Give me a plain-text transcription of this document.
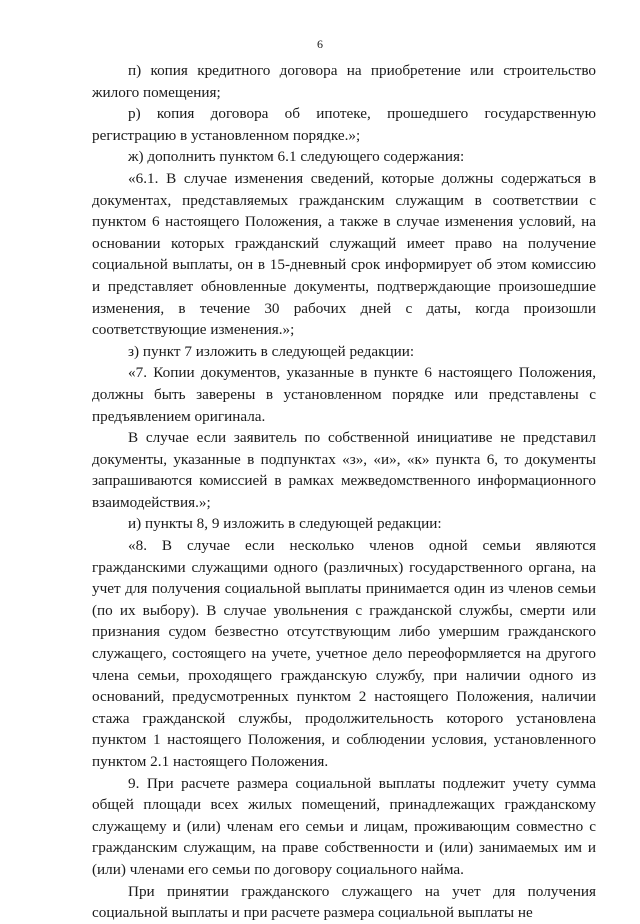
6

п) копия кредитного договора на приобретение или строительство жилого помещения;

р) копия договора об ипотеке, прошедшего государственную регистрацию в установленном порядке.»;

ж) дополнить пунктом 6.1 следующего содержания:

«6.1. В случае изменения сведений, которые должны содержаться в документах, представляемых гражданским служащим в соответствии с пунктом 6 настоящего Положения, а также в случае изменения условий, на основании которых гражданский служащий имеет право на получение социальной выплаты, он в 15-дневный срок информирует об этом комиссию и представляет обновленные документы, подтверждающие произошедшие изменения, в течение 30 рабочих дней с даты, когда произошли соответствующие изменения.»;

з) пункт 7 изложить в следующей редакции:

«7. Копии документов, указанные в пункте 6 настоящего Положения, должны быть заверены в установленном порядке или представлены с предъявлением оригинала.

В случае если заявитель по собственной инициативе не представил документы, указанные в подпунктах «з», «и», «к» пункта 6, то документы запрашиваются комиссией в рамках межведомственного информационного взаимодействия.»;

и) пункты 8, 9 изложить в следующей редакции:

«8. В случае если несколько членов одной семьи являются гражданскими служащими одного (различных) государственного органа, на учет для получения социальной выплаты принимается один из членов семьи (по их выбору). В случае увольнения с гражданской службы, смерти или признания судом безвестно отсутствующим либо умершим гражданского служащего, состоящего на учете, учетное дело переоформляется на другого члена семьи, проходящего гражданскую службу, при наличии одного из оснований, предусмотренных пунктом 2 настоящего Положения, наличии стажа гражданской службы, продолжительность которого установлена пунктом 1 настоящего Положения, и соблюдении условия, установленного пунктом 2.1 настоящего Положения.

9. При расчете размера социальной выплаты подлежит учету сумма общей площади всех жилых помещений, принадлежащих гражданскому служащему и (или) членам его семьи и лицам, проживающим совместно с гражданским служащим, на праве собственности и (или) занимаемых им и (или) членами его семьи по договору социального найма.

При принятии гражданского служащего на учет для получения социальной выплаты и при расчете размера социальной выплаты не
